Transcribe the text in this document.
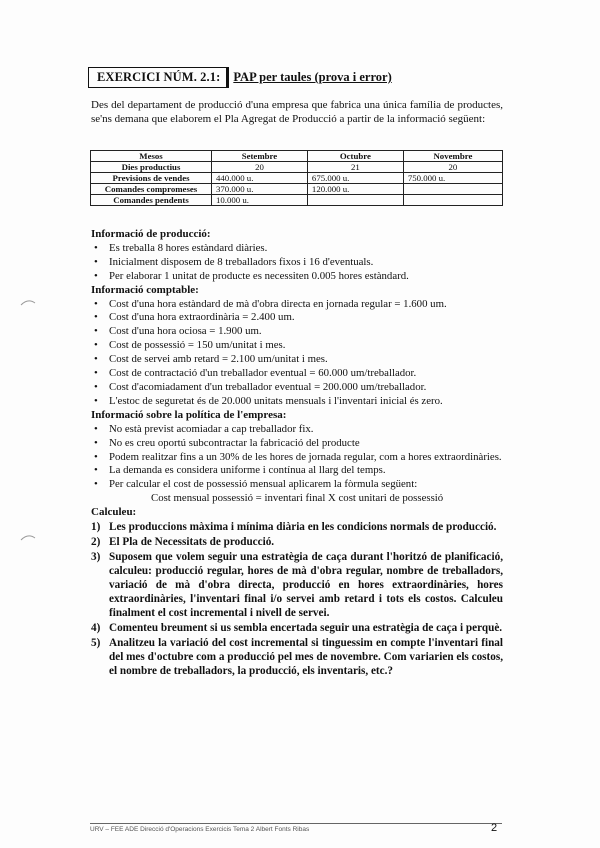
EXERCICI NÚM. 2.1:	PAP per taules (prova i error)

Des del departament de producció d'una empresa que fabrica una única família de productes, se'ns demana que elaborem el Pla Agregat de Producció a partir de la informació següent:

Mesos	Setembre	Octubre	Novembre
Dies productius	20	21	20
Previsions de vendes	440.000 u.	675.000 u.	750.000 u.
Comandes compromeses	370.000 u.	120.000 u.	
Comandes pendents	10.000 u.		

Informació de producció:

• Es treballa 8 hores estàndard diàries.
• Inicialment disposem de 8 treballadors fixos i 16 d'eventuals.
• Per elaborar 1 unitat de producte es necessiten 0.005 hores estàndard.

Informació comptable:

• Cost d'una hora estàndard de mà d'obra directa en jornada regular = 1.600 um.
• Cost d'una hora extraordinària = 2.400 um.
• Cost d'una hora ociosa = 1.900 um.
• Cost de possessió = 150 um/unitat i mes.
• Cost de servei amb retard = 2.100 um/unitat i mes.
• Cost de contractació d'un treballador eventual = 60.000 um/treballador.
• Cost d'acomiadament d'un treballador eventual = 200.000 um/treballador.
• L'estoc de seguretat és de 20.000 unitats mensuals i l'inventari inicial és zero.

Informació sobre la política de l'empresa:

• No està previst acomiadar a cap treballador fix.
• No es creu oportú subcontractar la fabricació del producte
• Podem realitzar fins a un 30% de les hores de jornada regular, com a hores extraordinàries.
• La demanda es considera uniforme i contínua al llarg del temps.
• Per calcular el cost de possessió mensual aplicarem la fòrmula següent:
Cost mensual possessió = inventari final X cost unitari de possessió

Calculeu:

1) Les produccions màxima i mínima diària en les condicions normals de producció.
2) El Pla de Necessitats de producció.
3) Suposem que volem seguir una estratègia de caça durant l'horitzó de planificació, calculeu: producció regular, hores de mà d'obra regular, nombre de treballadors, variació de mà d'obra directa, producció en hores extraordinàries, hores extraordinàries, l'inventari final i/o servei amb retard i tots els costos. Calculeu finalment el cost incremental i nivell de servei.
4) Comenteu breument si us sembla encertada seguir una estratègia de caça i perquè.
5) Analitzeu la variació del cost incremental si tinguessim en compte l'inventari final del mes d'octubre com a producció pel mes de novembre. Com variarien els costos, el nombre de treballadors, la producció, els inventaris, etc.?
URV – FEE ADE Direcció d'Operacions Exercicis Tema 2 Albert Fonts Ribas	2
